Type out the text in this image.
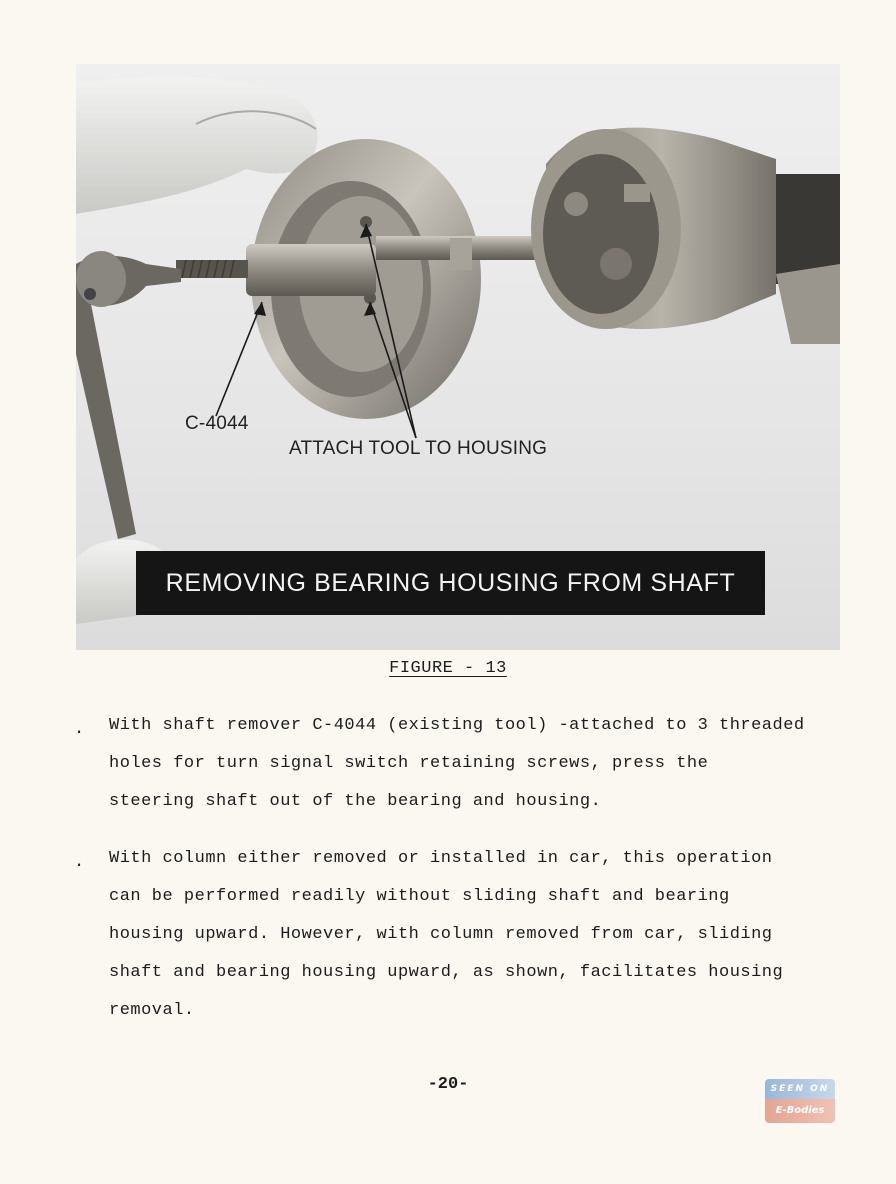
C-4044
ATTACH TOOL TO HOUSING
REMOVING BEARING HOUSING FROM SHAFT
FIGURE - 13
. With shaft remover C-4044 (existing tool) -attached to 3 threaded
holes for turn signal switch retaining screws, press the
steering shaft out of the bearing and housing.

. With column either removed or installed in car, this operation
can be performed readily without sliding shaft and bearing
housing upward. However, with column removed from car, sliding
shaft and bearing housing upward, as shown, facilitates housing
removal.

-20-	SEEN ON
E-Bodies
